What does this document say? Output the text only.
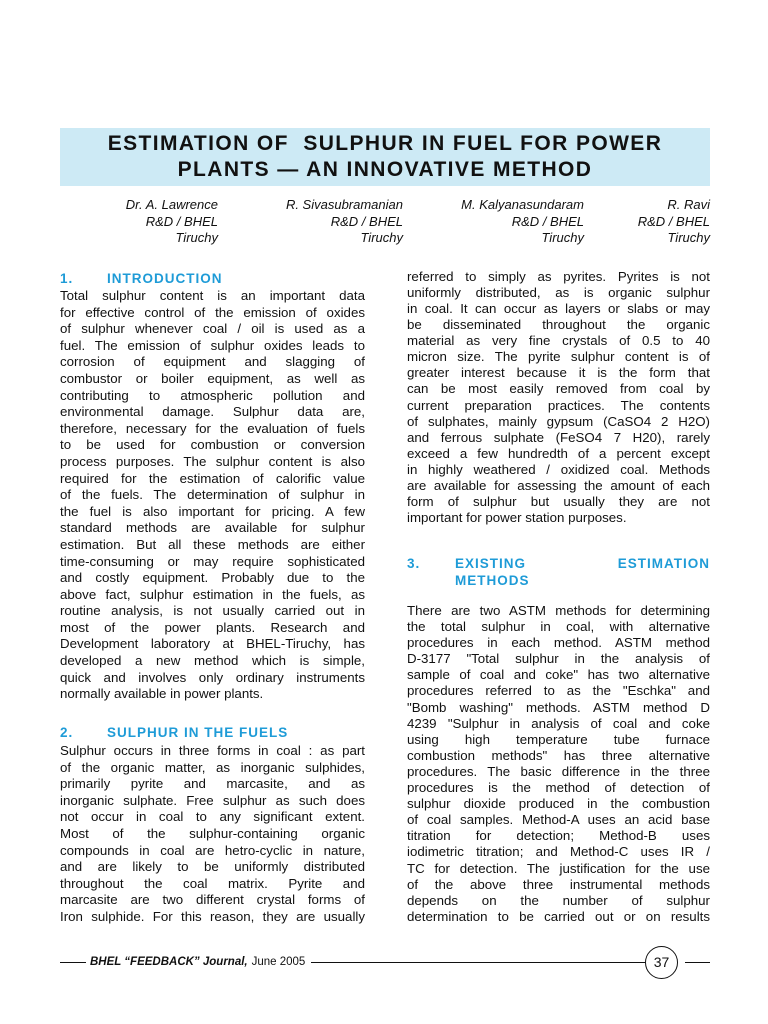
ESTIMATION OF  SULPHUR IN FUEL FOR POWER
PLANTS — AN INNOVATIVE METHOD
Dr. A. Lawrence
R&D / BHEL
Tiruchy
R. Sivasubramanian
R&D / BHEL
Tiruchy
M. Kalyanasundaram
R&D / BHEL
Tiruchy
R. Ravi
R&D / BHEL
Tiruchy
1. INTRODUCTION
Total sulphur content is an important data
for effective control of the emission of oxides
of sulphur whenever coal / oil is used as a
fuel. The emission of sulphur oxides leads to
corrosion of equipment and slagging of
combustor or boiler equipment, as well as
contributing to atmospheric pollution and
environmental damage. Sulphur data are,
therefore, necessary for the evaluation of fuels
to be used for combustion or conversion
process purposes. The sulphur content is also
required for the estimation of calorific value
of the fuels. The determination of sulphur in
the fuel is also important for pricing. A few
standard methods are available for sulphur
estimation. But all these methods are either
time-consuming or may require sophisticated
and costly equipment. Probably due to the
above fact, sulphur estimation in the fuels, as
routine analysis, is not usually carried out in
most of the power plants. Research and
Development laboratory at BHEL-Tiruchy, has
developed a new method which is simple,
quick and involves only ordinary instruments
normally available in power plants.
2. SULPHUR IN THE FUELS
Sulphur occurs in three forms in coal : as part
of the organic matter, as inorganic sulphides,
primarily pyrite and marcasite, and as
inorganic sulphate. Free sulphur as such does
not occur in coal to any significant extent.
Most of the sulphur-containing organic
compounds in coal are hetro-cyclic in nature,
and are likely to be uniformly distributed
throughout the coal matrix. Pyrite and
marcasite are two different crystal forms of
Iron sulphide. For this reason, they are usually
referred to simply as pyrites. Pyrites is not
uniformly distributed, as is organic sulphur
in coal. It can occur as layers or slabs or may
be disseminated throughout the organic
material as very fine crystals of 0.5 to 40
micron size. The pyrite sulphur content is of
greater interest because it is the form that
can be most easily removed from coal by
current preparation practices. The contents
of sulphates, mainly gypsum (CaSO4 2 H2O)
and ferrous sulphate (FeSO4 7 H20), rarely
exceed a few hundredth of a percent except
in highly weathered / oxidized coal. Methods
are available for assessing the amount of each
form of sulphur but usually they are not
important for power station purposes.
3.	EXISTING ESTIMATION
METHODS
There are two ASTM methods for determining
the total sulphur in coal, with alternative
procedures in each method. ASTM method
D-3177 "Total sulphur in the analysis of
sample of coal and coke" has two alternative
procedures referred to as the "Eschka" and
"Bomb washing" methods. ASTM method D
4239 "Sulphur in analysis of coal and coke
using high temperature tube furnace
combustion methods" has three alternative
procedures. The basic difference in the three
procedures is the method of detection of
sulphur dioxide produced in the combustion
of coal samples. Method-A uses an acid base
titration for detection; Method-B uses
iodimetric titration; and Method-C uses IR /
TC for detection. The justification for the use
of the above three instrumental methods
depends on the number of sulphur
determination to be carried out or on results
BHEL “FEEDBACK” Journal, June 2005	37
